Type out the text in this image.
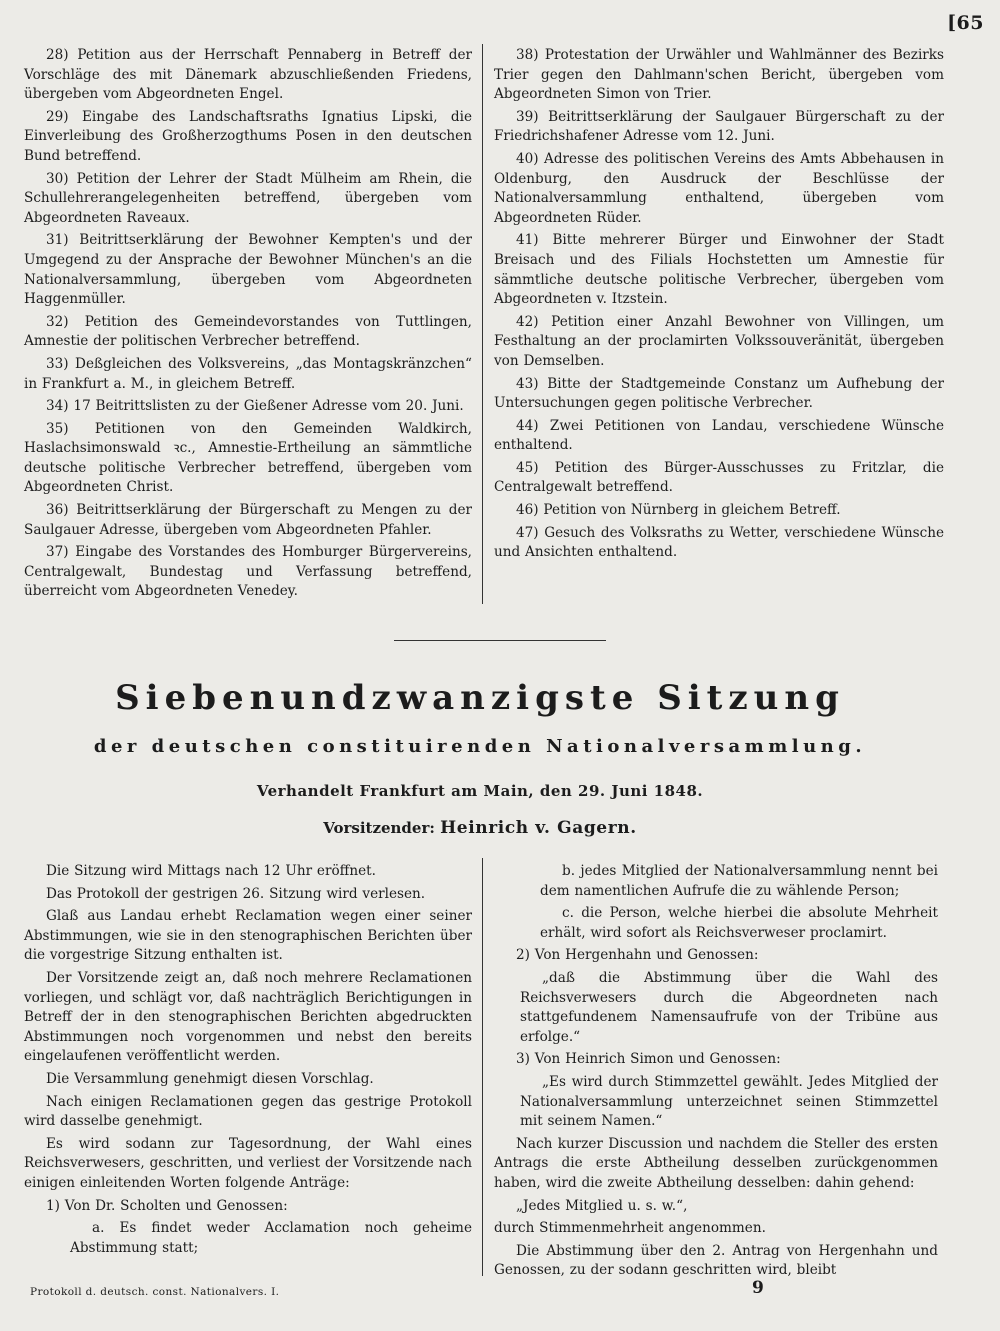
[65

28) Petition aus der Herrschaft Pennaberg in Betreff der Vorschläge des mit Dänemark abzuschließenden Friedens, übergeben vom Abgeordneten Engel.

29) Eingabe des Landschaftsraths Ignatius Lipski, die Einverleibung des Großherzogthums Posen in den deutschen Bund betreffend.

30) Petition der Lehrer der Stadt Mülheim am Rhein, die Schullehrerangelegenheiten betreffend, übergeben vom Abgeordneten Raveaux.

31) Beitrittserklärung der Bewohner Kempten's und der Umgegend zu der Ansprache der Bewohner München's an die Nationalversammlung, übergeben vom Abgeordneten Haggenmüller.

32) Petition des Gemeindevorstandes von Tuttlingen, Amnestie der politischen Verbrecher betreffend.

33) Deßgleichen des Volksvereins, „das Montagskränzchen“ in Frankfurt a. M., in gleichem Betreff.

34) 17 Beitrittslisten zu der Gießener Adresse vom 20. Juni.

35) Petitionen von den Gemeinden Waldkirch, Haslachsimonswald ꝛc., Amnestie-Ertheilung an sämmtliche deutsche politische Verbrecher betreffend, übergeben vom Abgeordneten Christ.

36) Beitrittserklärung der Bürgerschaft zu Mengen zu der Saulgauer Adresse, übergeben vom Abgeordneten Pfahler.

37) Eingabe des Vorstandes des Homburger Bürgervereins, Centralgewalt, Bundestag und Verfassung betreffend, überreicht vom Abgeordneten Venedey.

38) Protestation der Urwähler und Wahlmänner des Bezirks Trier gegen den Dahlmann'schen Bericht, übergeben vom Abgeordneten Simon von Trier.

39) Beitrittserklärung der Saulgauer Bürgerschaft zu der Friedrichshafener Adresse vom 12. Juni.

40) Adresse des politischen Vereins des Amts Abbehausen in Oldenburg, den Ausdruck der Beschlüsse der Nationalversammlung enthaltend, übergeben vom Abgeordneten Rüder.

41) Bitte mehrerer Bürger und Einwohner der Stadt Breisach und des Filials Hochstetten um Amnestie für sämmtliche deutsche politische Verbrecher, übergeben vom Abgeordneten v. Itzstein.

42) Petition einer Anzahl Bewohner von Villingen, um Festhaltung an der proclamirten Volkssouveränität, übergeben von Demselben.

43) Bitte der Stadtgemeinde Constanz um Aufhebung der Untersuchungen gegen politische Verbrecher.

44) Zwei Petitionen von Landau, verschiedene Wünsche enthaltend.

45) Petition des Bürger-Ausschusses zu Fritzlar, die Centralgewalt betreffend.

46) Petition von Nürnberg in gleichem Betreff.

47) Gesuch des Volksraths zu Wetter, verschiedene Wünsche und Ansichten enthaltend.

Siebenundzwanzigste Sitzung
der deutschen constituirenden Nationalversammlung.
Verhandelt Frankfurt am Main, den 29. Juni 1848.
Vorsitzender: Heinrich v. Gagern.

Die Sitzung wird Mittags nach 12 Uhr eröffnet.

Das Protokoll der gestrigen 26. Sitzung wird verlesen.

Glaß aus Landau erhebt Reclamation wegen einer seiner Abstimmungen, wie sie in den stenographischen Berichten über die vorgestrige Sitzung enthalten ist.

Der Vorsitzende zeigt an, daß noch mehrere Reclamationen vorliegen, und schlägt vor, daß nachträglich Berichtigungen in Betreff der in den stenographischen Berichten abgedruckten Abstimmungen noch vorgenommen und nebst den bereits eingelaufenen veröffentlicht werden.

Die Versammlung genehmigt diesen Vorschlag.

Nach einigen Reclamationen gegen das gestrige Protokoll wird dasselbe genehmigt.

Es wird sodann zur Tagesordnung, der Wahl eines Reichsverwesers, geschritten, und verliest der Vorsitzende nach einigen einleitenden Worten folgende Anträge:

1) Von Dr. Scholten und Genossen:

a. Es findet weder Acclamation noch geheime Abstimmung statt;

b. jedes Mitglied der Nationalversammlung nennt bei dem namentlichen Aufrufe die zu wählende Person;

c. die Person, welche hierbei die absolute Mehrheit erhält, wird sofort als Reichsverweser proclamirt.

2) Von Hergenhahn und Genossen:

„daß die Abstimmung über die Wahl des Reichsverwesers durch die Abgeordneten nach stattgefundenem Namensaufrufe von der Tribüne aus erfolge.“

3) Von Heinrich Simon und Genossen:

„Es wird durch Stimmzettel gewählt. Jedes Mitglied der Nationalversammlung unterzeichnet seinen Stimmzettel mit seinem Namen.“

Nach kurzer Discussion und nachdem die Steller des ersten Antrags die erste Abtheilung desselben zurückgenommen haben, wird die zweite Abtheilung desselben: dahin gehend:

„Jedes Mitglied u. s. w.“,

durch Stimmenmehrheit angenommen.

Die Abstimmung über den 2. Antrag von Hergenhahn und Genossen, zu der sodann geschritten wird, bleibt

Protokoll d. deutsch. const. Nationalvers. I.	9
